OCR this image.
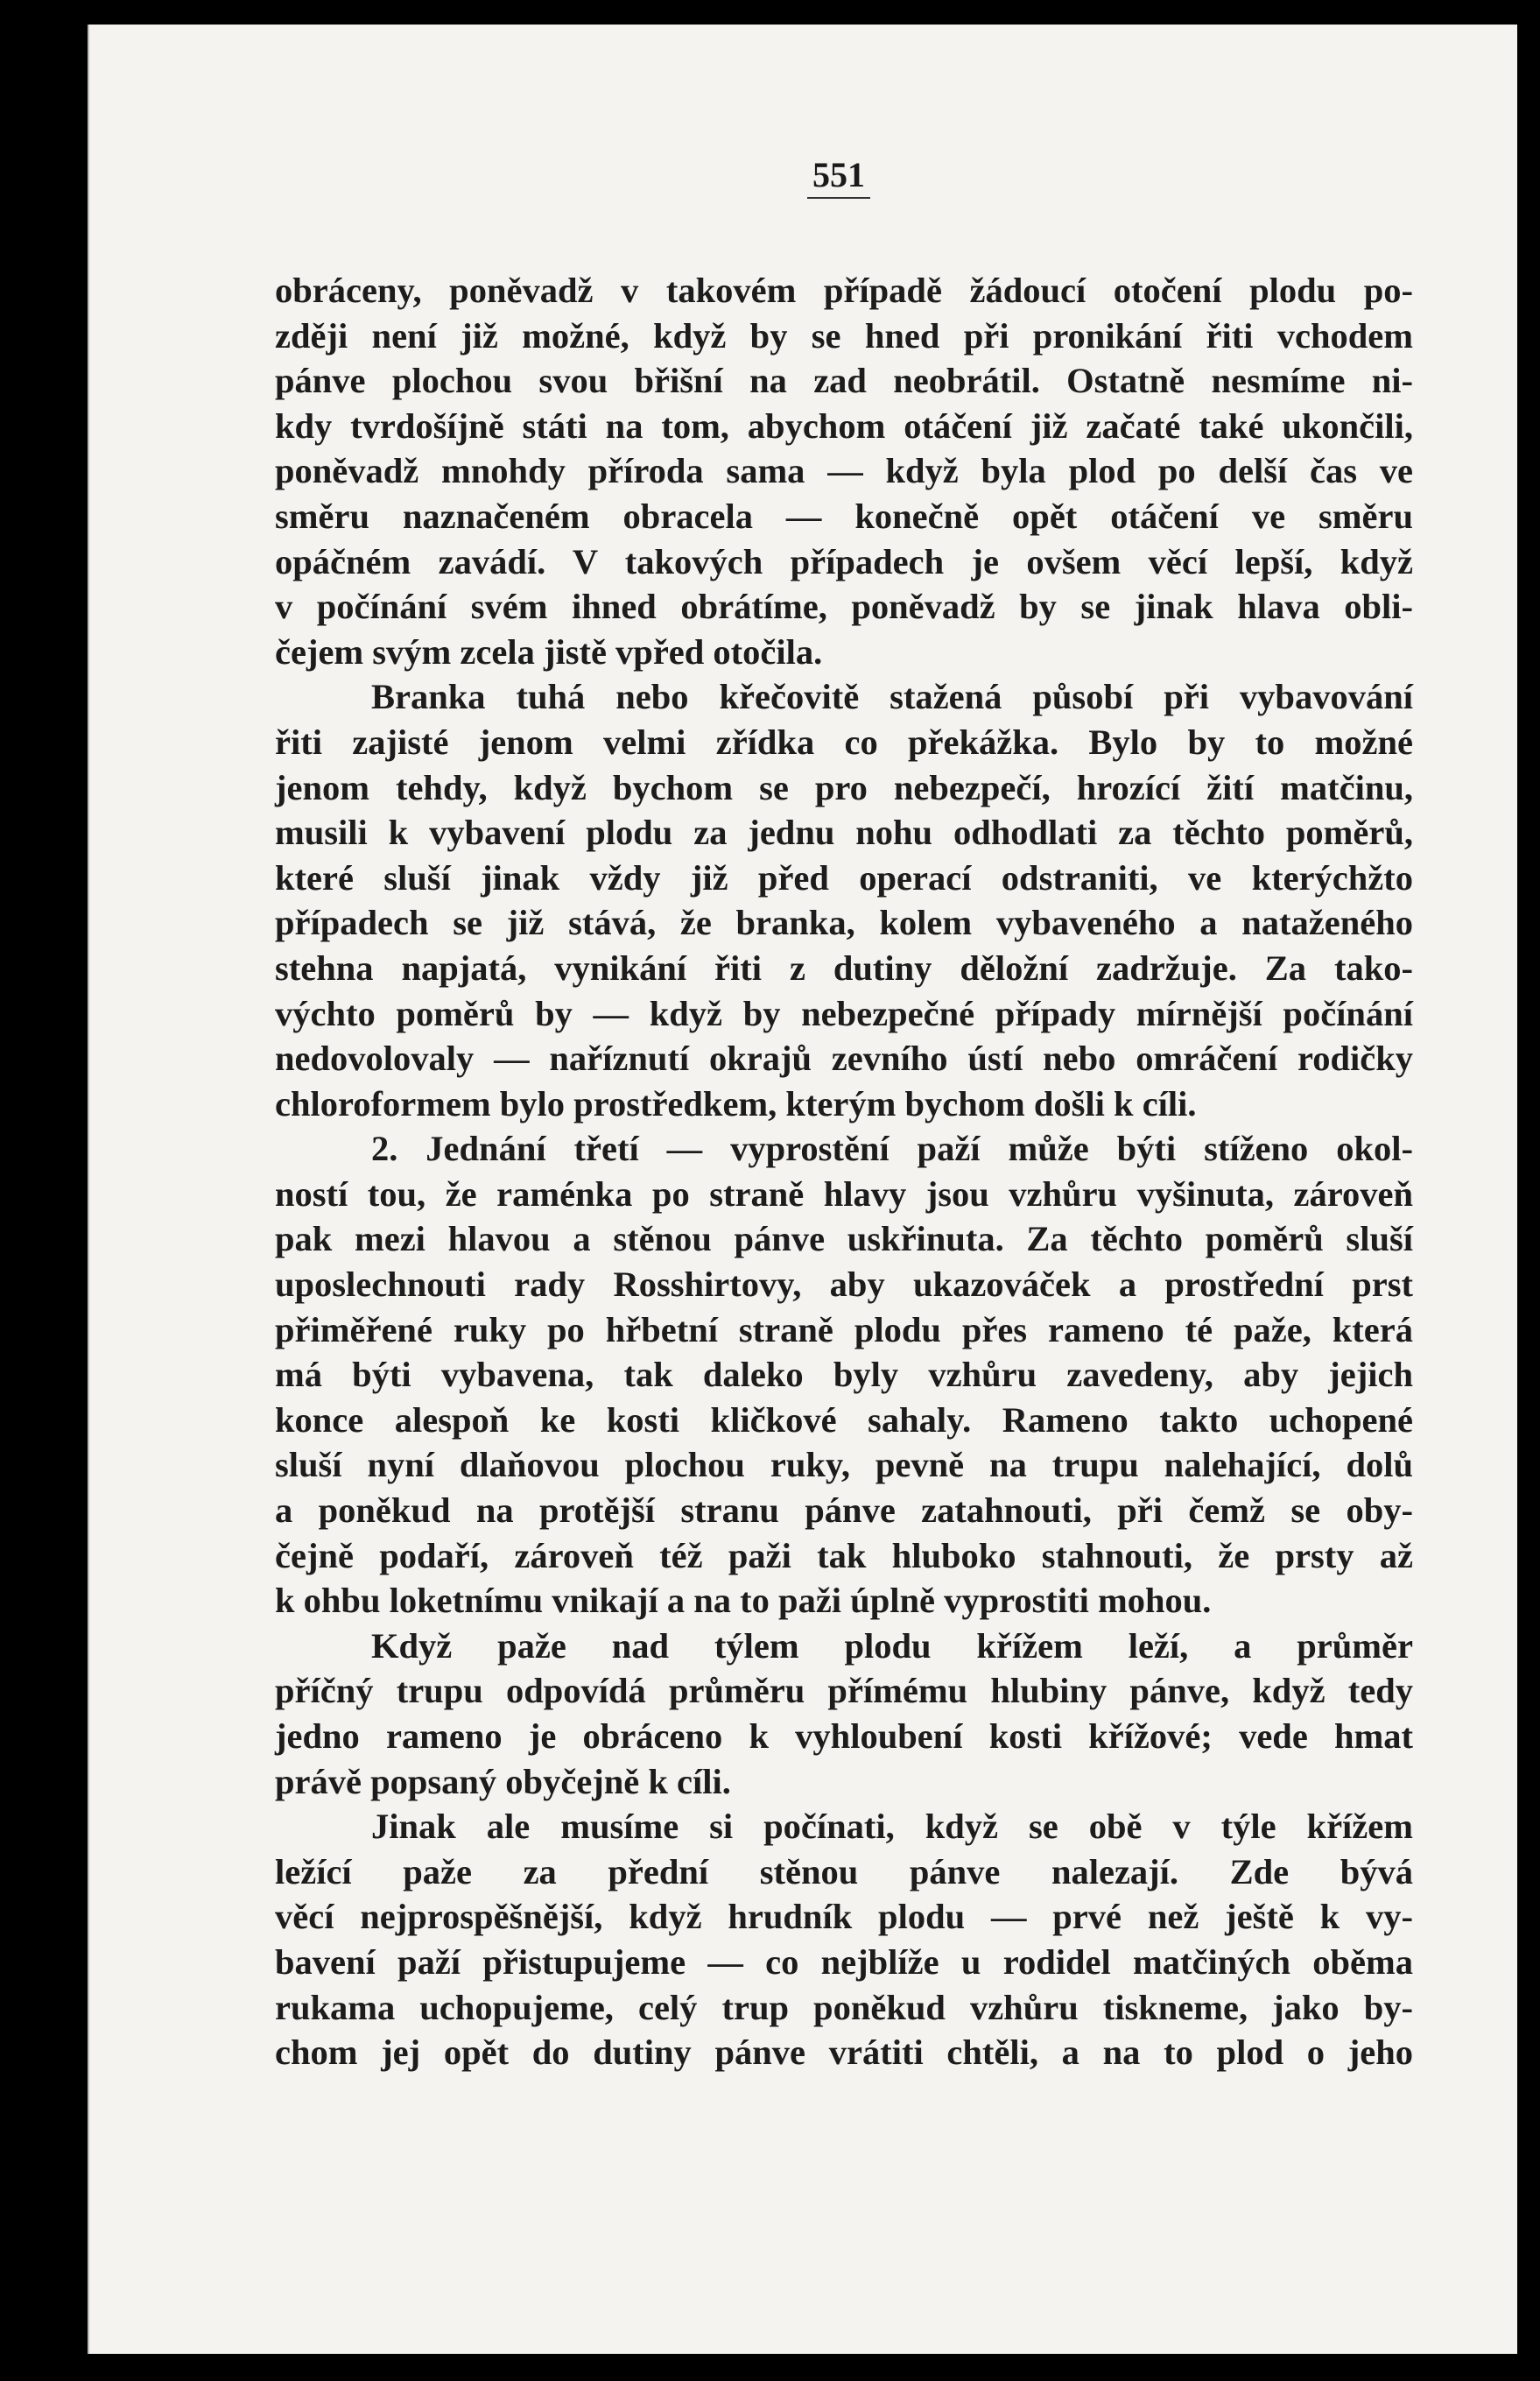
551
obráceny, poněvadž v takovém případě žádoucí otočení plodu po-
zději není již možné, když by se hned při pronikání řiti vchodem
pánve plochou svou břišní na zad neobrátil. Ostatně nesmíme ni-
kdy tvrdošíjně státi na tom, abychom otáčení již začaté také ukončili,
poněvadž mnohdy příroda sama — když byla plod po delší čas ve
směru naznačeném obracela — konečně opět otáčení ve směru
opáčném zavádí. V takových případech je ovšem věcí lepší, když
v počínání svém ihned obrátíme, poněvadž by se jinak hlava obli-
čejem svým zcela jistě vpřed otočila.
Branka tuhá nebo křečovitě stažená působí při vybavování
řiti zajisté jenom velmi zřídka co překážka. Bylo by to možné
jenom tehdy, když bychom se pro nebezpečí, hrozící žití matčinu,
musili k vybavení plodu za jednu nohu odhodlati za těchto poměrů,
které sluší jinak vždy již před operací odstraniti, ve kterýchžto
případech se již stává, že branka, kolem vybaveného a nataženého
stehna napjatá, vynikání řiti z dutiny děložní zadržuje. Za tako-
výchto poměrů by — když by nebezpečné případy mírnější počínání
nedovolovaly — naříznutí okrajů zevního ústí nebo omráčení rodičky
chloroformem bylo prostředkem, kterým bychom došli k cíli.
2. Jednání třetí — vyprostění paží může býti stíženo okol-
ností tou, že raménka po straně hlavy jsou vzhůru vyšinuta, zároveň
pak mezi hlavou a stěnou pánve uskřinuta. Za těchto poměrů sluší
uposlechnouti rady Rosshirtovy, aby ukazováček a prostřední prst
přiměřené ruky po hřbetní straně plodu přes rameno té paže, která
má býti vybavena, tak daleko byly vzhůru zavedeny, aby jejich
konce alespoň ke kosti kličkové sahaly. Rameno takto uchopené
sluší nyní dlaňovou plochou ruky, pevně na trupu nalehající, dolů
a poněkud na protější stranu pánve zatahnouti, při čemž se oby-
čejně podaří, zároveň též paži tak hluboko stahnouti, že prsty až
k ohbu loketnímu vnikají a na to paži úplně vyprostiti mohou.
Když paže nad týlem plodu křížem leží, a průměr
příčný trupu odpovídá průměru přímému hlubiny pánve, když tedy
jedno rameno je obráceno k vyhloubení kosti křížové; vede hmat
právě popsaný obyčejně k cíli.
Jinak ale musíme si počínati, když se obě v týle křížem
ležící paže za přední stěnou pánve nalezají. Zde bývá
věcí nejprospěšnější, když hrudník plodu — prvé než ještě k vy-
bavení paží přistupujeme — co nejblíže u rodidel matčiných oběma
rukama uchopujeme, celý trup poněkud vzhůru tiskneme, jako by-
chom jej opět do dutiny pánve vrátiti chtěli, a na to plod o jeho
